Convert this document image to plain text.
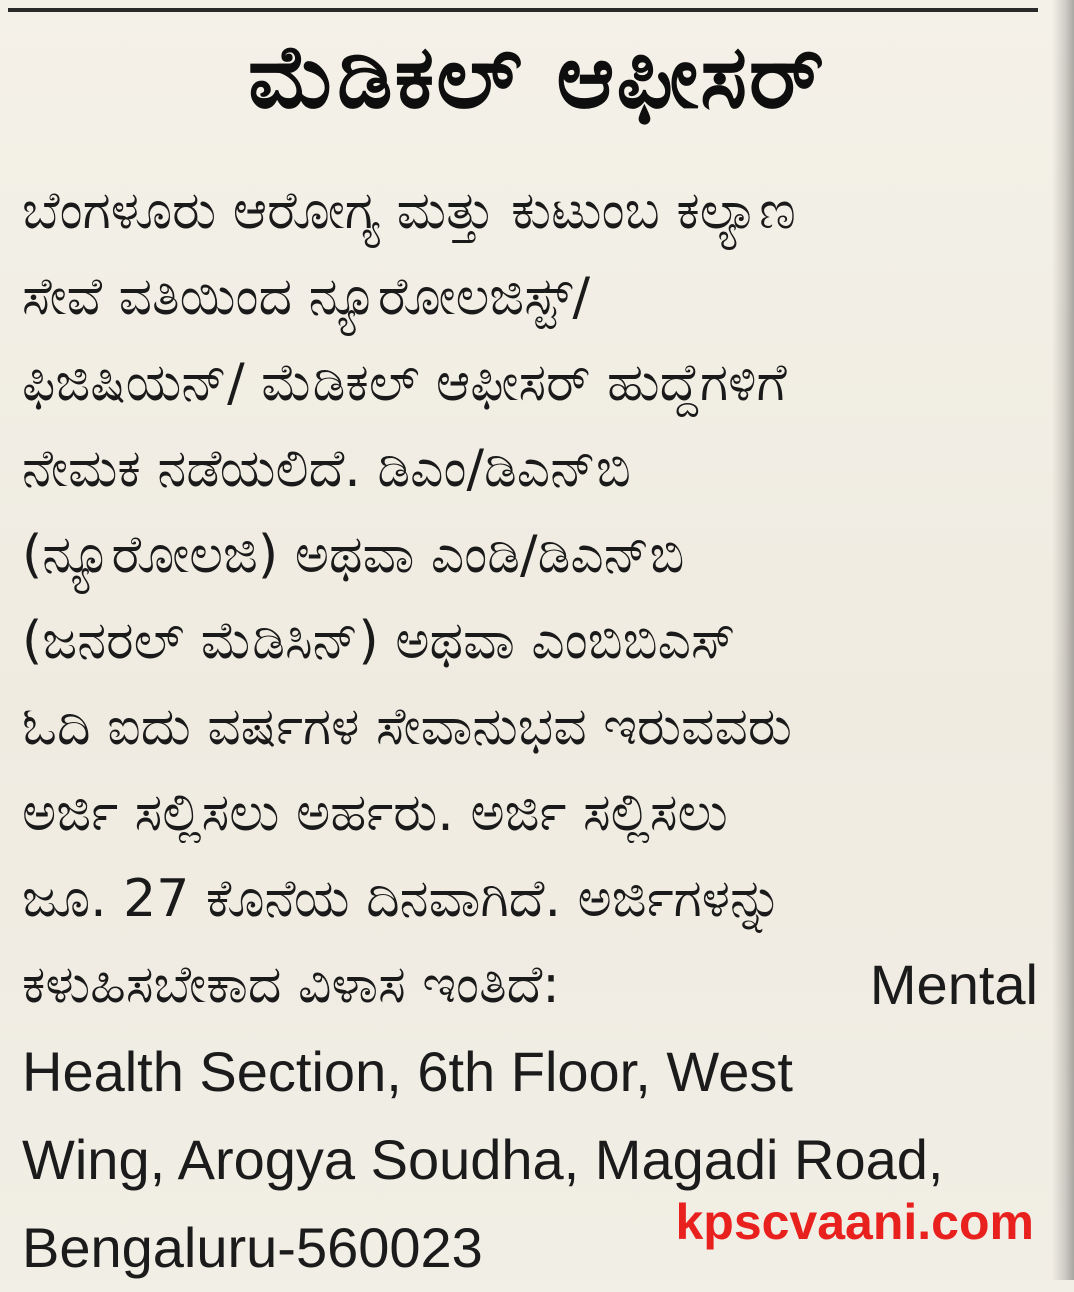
ಮೆಡಿಕಲ್ ಆಫೀಸರ್
ಬೆಂಗಳೂರು ಆರೋಗ್ಯ ಮತ್ತು ಕುಟುಂಬ ಕಲ್ಯಾಣ
ಸೇವೆ ವತಿಯಿಂದ ನ್ಯೂರೋಲಜಿಸ್ಟ್/
ಫಿಜಿಷಿಯನ್/ ಮೆಡಿಕಲ್ ಆಫೀಸರ್ ಹುದ್ದೆಗಳಿಗೆ
ನೇಮಕ ನಡೆಯಲಿದೆ. ಡಿಎಂ/ಡಿಎನ್‌ಬಿ
(ನ್ಯೂರೋಲಜಿ) ಅಥವಾ ಎಂಡಿ/ಡಿಎನ್‌ಬಿ
(ಜನರಲ್ ಮೆಡಿಸಿನ್) ಅಥವಾ ಎಂಬಿಬಿಎಸ್
ಓದಿ ಐದು ವರ್ಷಗಳ ಸೇವಾನುಭವ ಇರುವವರು
ಅರ್ಜಿ ಸಲ್ಲಿಸಲು ಅರ್ಹರು. ಅರ್ಜಿ ಸಲ್ಲಿಸಲು
ಜೂ. 27 ಕೊನೆಯ ದಿನವಾಗಿದೆ. ಅರ್ಜಿಗಳನ್ನು
ಕಳುಹಿಸಬೇಕಾದ ವಿಳಾಸ ಇಂತಿದೆ:	Mental
Health Section, 6th Floor, West
Wing, Arogya Soudha, Magadi Road,
Bengaluru-560023	kpscvaani.com
